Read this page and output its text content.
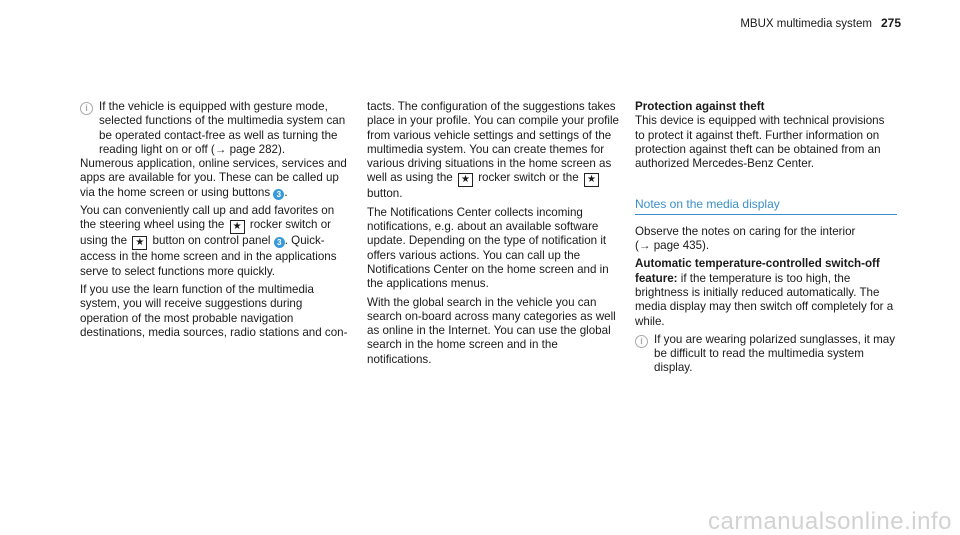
MBUX multimedia system 275

i If the vehicle is equipped with gesture mode, selected functions of the multimedia system can be operated contact-free as well as turning the reading light on or off (→ page 282).

Numerous application, online services, services and apps are available for you. These can be called up via the home screen or using buttons 3 .

You can conveniently call up and add favorites on the steering wheel using the ★ rocker switch or using the ★ button on control panel 3 . Quick-access in the home screen and in the applications serve to select functions more quickly.

If you use the learn function of the multimedia system, you will receive suggestions during operation of the most probable navigation destinations, media sources, radio stations and con-

tacts. The configuration of the suggestions takes place in your profile. You can compile your profile from various vehicle settings and settings of the multimedia system. You can create themes for various driving situations in the home screen as well as using the ★ rocker switch or the ★ button.

The Notifications Center collects incoming notifications, e.g. about an available software update. Depending on the type of notification it offers various actions. You can call up the Notifications Center on the home screen and in the applications menus.

With the global search in the vehicle you can search on-board across many categories as well as online in the Internet. You can use the global search in the home screen and in the notifications.

Protection against theft

This device is equipped with technical provisions to protect it against theft. Further information on protection against theft can be obtained from an authorized Mercedes-Benz Center.

Notes on the media display

Observe the notes on caring for the interior (→ page 435).

Automatic temperature-controlled switch-off feature: if the temperature is too high, the brightness is initially reduced automatically. The media display may then switch off completely for a while.

i If you are wearing polarized sunglasses, it may be difficult to read the multimedia system display.

carmanualsonline.info
